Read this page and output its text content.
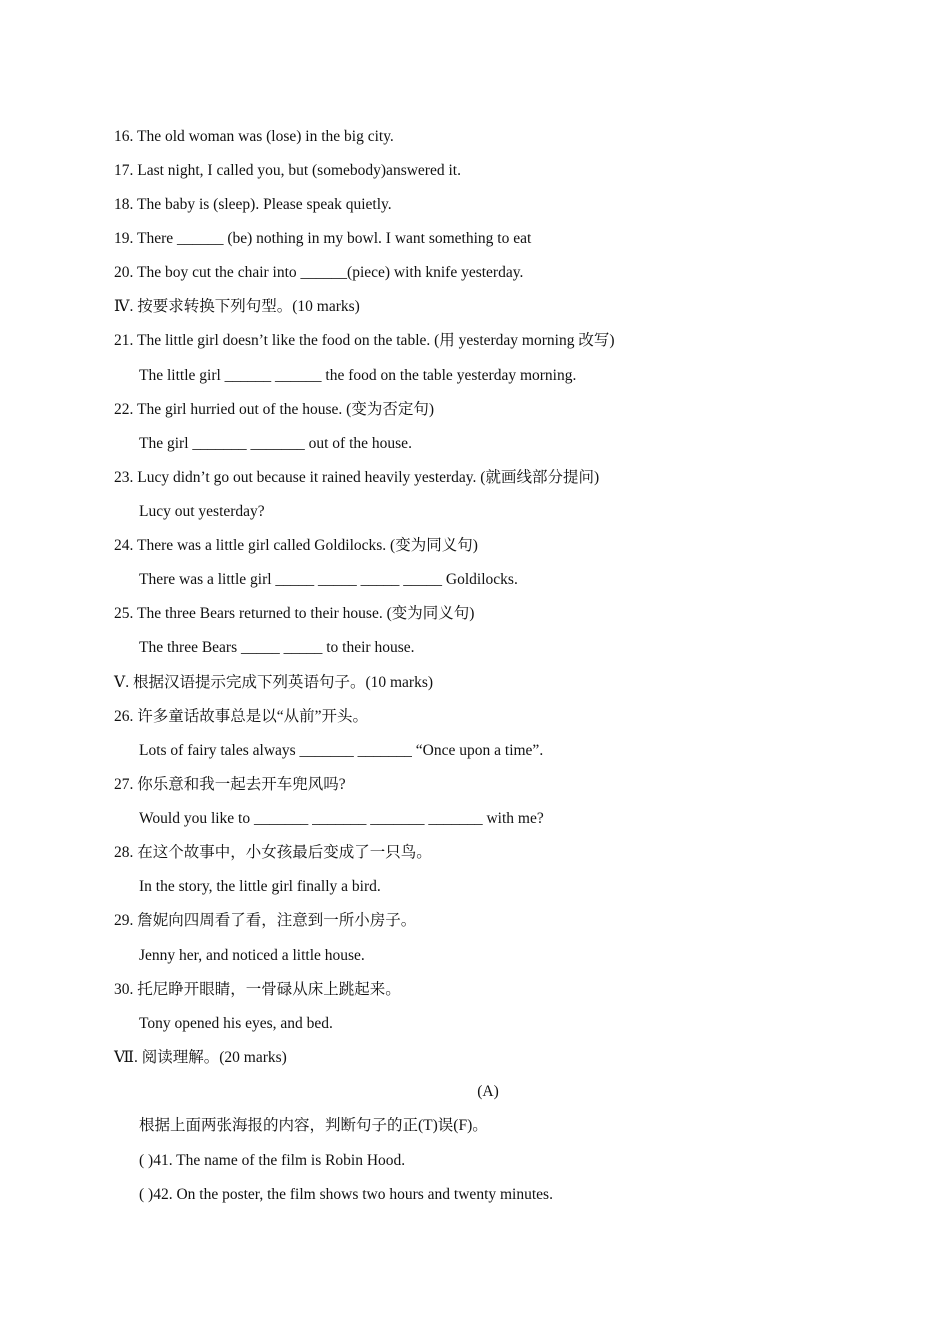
16. The old woman was (lose) in the big city.
17. Last night, I called you, but (somebody)answered it.
18. The baby is (sleep). Please speak quietly.
19. There ______ (be) nothing in my bowl. I want something to eat
20. The boy cut the chair into ______(piece) with knife yesterday.
Ⅳ. 按要求转换下列句型。(10 marks)
21. The little girl doesn’t like the food on the table. (用 yesterday morning 改写)
The little girl ______ ______ the food on the table yesterday morning.
22. The girl hurried out of the house. (变为否定句)
The girl _______ _______ out of the house.
23. Lucy didn’t go out because it rained heavily yesterday. (就画线部分提问)
Lucy out yesterday?
24. There was a little girl called Goldilocks. (变为同义句)
There was a little girl _____ _____ _____ _____ Goldilocks.
25. The three Bears returned to their house. (变为同义句)
The three Bears _____ _____ to their house.
Ⅴ. 根据汉语提示完成下列英语句子。(10 marks)
26. 许多童话故事总是以“从前”开头。
Lots of fairy tales always _______ _______ “Once upon a time”.
27. 你乐意和我一起去开车兜风吗?
Would you like to _______ _______ _______ _______ with me?
28. 在这个故事中，小女孩最后变成了一只鸟。
In the story, the little girl finally a bird.
29. 詹妮向四周看了看，注意到一所小房子。
Jenny her, and noticed a little house.
30. 托尼睁开眼睛，一骨碌从床上跳起来。
Tony opened his eyes, and bed.
Ⅶ. 阅读理解。(20 marks)
(A)
根据上面两张海报的内容，判断句子的正(T)误(F)。
( )41. The name of the film is Robin Hood.
( )42. On the poster, the film shows two hours and twenty minutes.
